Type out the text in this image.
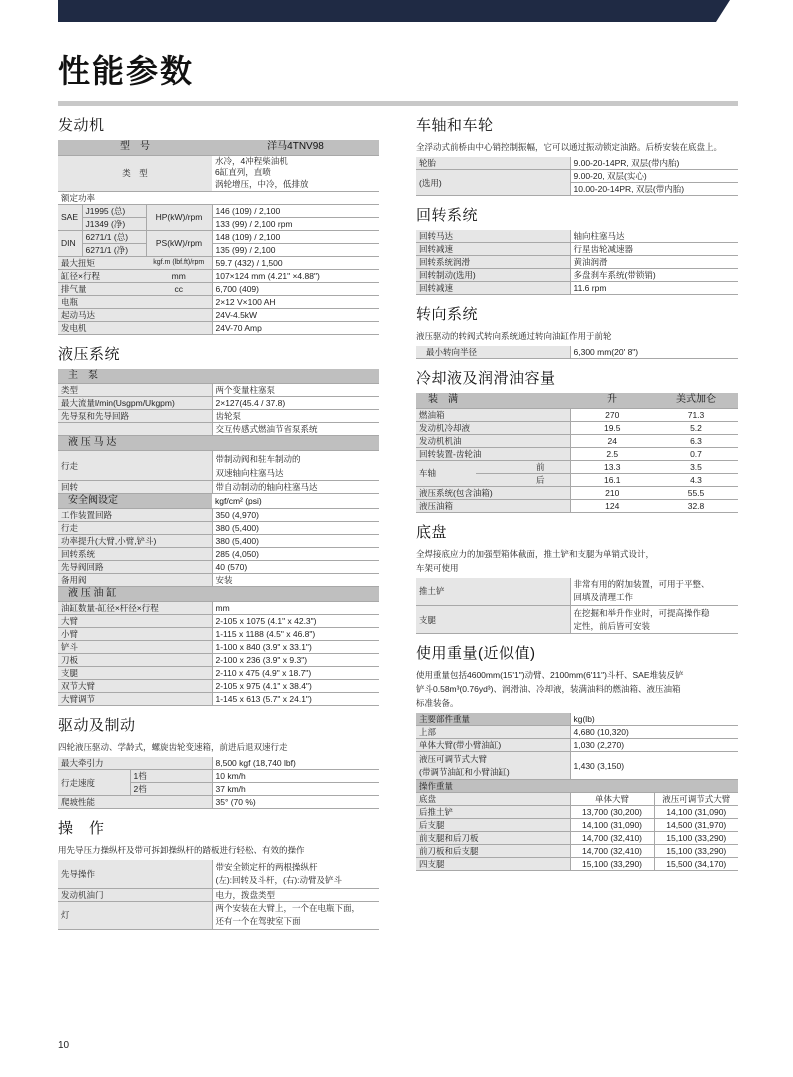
性能参数
发动机
型　号			洋马4TNV98
类　型			水冷，4冲程柴油机
6缸直列，直喷
涡轮增压，中冷，低排放

额定功率			
SAE	J1995 (总)	HP(kW)/rpm	146 (109) / 2,100
	J1349 (净)		133 (99) / 2,100 rpm
DIN	6271/1 (总)	PS(kW)/rpm	148 (109) / 2,100
	6271/1 (净)		135 (99) / 2,100
最大扭矩		kgf.m (lbf.ft)/rpm	59.7 (432) / 1,500
缸径×行程		mm	107×124 mm (4.21" ×4.88")
排气量		cc	6,700 (409)
电瓶			2×12 V×100 AH
起动马达			24V-4.5kW
发电机			24V-70 Amp
液压系统
主　泵	
类型	两个变量柱塞泵
最大流量l/min(Usgpm/Ukgpm)	2×127(45.4 / 37.8)
先导泵和先导回路	齿轮泵
	交互传感式燃油节省泵系统
液 压 马 达	
行走	带制动阀和驻车制动的
双速轴向柱塞马达

回转	带自动制动的轴向柱塞马达
安全阀设定	kgf/cm² (psi)
工作装置回路	350 (4,970)
行走	380 (5,400)
功率提升(大臂,小臂,铲斗)	380 (5,400)
回转系统	285 (4,050)
先导阀回路	40 (570)
备用阀	安装
液 压 油 缸	
油缸数量-缸径×杆径×行程	mm
大臂	2-105 x 1075 (4.1" x 42.3")
小臂	1-115 x 1188 (4.5" x 46.8")
铲斗	1-100 x 840 (3.9" x 33.1")
刀板	2-100 x 236 (3.9" x 9.3")
支腿	2-110 x 475 (4.9" x 18.7")
双节大臂	2-105 x 975 (4.1" x 38.4")
大臂调节	1-145 x 613 (5.7" x 24.1")
驱动及制动
四轮液压驱动、学龄式，螺旋齿轮变速箱，前进后退双速行走
最大牵引力		8,500 kgf (18,740 lbf)
行走速度	1档	10 km/h
	2档	37 km/h
爬坡性能		35° (70 %)
操　作
用先导压力操纵杆及带可拆卸操纵杆的踏板进行轻松、有效的操作
先导操作	带安全锁定杆的两根操纵杆
(左):回转及斗杆，(右):动臂及铲斗

发动机油门	电力，拨盘类型
灯	两个安装在大臂上，一个在电瓶下面，
还有一个在驾驶室下面
车轴和车轮
全浮动式前桥由中心销控制振幅，它可以通过振动锁定油路。后桥安装在底盘上。
轮胎	9.00-20-14PR, 双层(带内胎)
(选用)	9.00-20, 双层(实心)
	10.00-20-14PR, 双层(带内胎)
回转系统
回转马达	轴向柱塞马达
回转减速	行星齿轮减速器
回转系统润滑	黄油润滑
回转制动(选用)	多盘刹车系统(带锁销)
回转减速	11.6 rpm
转向系统
液压驱动的转阀式转向系统通过转向油缸作用于前轮
最小转向半径	6,300 mm(20' 8")
冷却液及润滑油容量
装　满		升	美式加仑
燃油箱		270	71.3
发动机冷却液		19.5	5.2
发动机机油		24	6.3
回转装置-齿轮油		2.5	0.7
车轴	前	13.3	3.5
	后	16.1	4.3
液压系统(包含油箱)		210	55.5
液压油箱		124	32.8
底盘
全焊接底应力的加强型箱体截面，推土铲和支腿为单销式设计，
车架可使用
推土铲	非常有用的附加装置，可用于平整、
回填及清理工作

支腿	在挖掘和举升作业时，可提高操作稳
定性，前后皆可安装
使用重量(近似值)
使用重量包括4600mm(15'1")动臂、2100mm(6'11")斗杆、SAE堆装反铲
铲斗0.58m³(0.76yd³)、润滑油、冷却液，装满油料的燃油箱、液压油箱
标准装备。
主要部件重量	kg(lb)	
上部	4,680 (10,320)	
单体大臂(带小臂油缸)	1,030 (2,270)	

液压可调节式大臂
(带调节油缸和小臂油缸)	1,430 (3,150)	
操作重量		
底盘	单体大臂	液压可调节式大臂
后推土铲	13,700 (30,200)	14,100 (31,090)
后支腿	14,100 (31,090)	14,500 (31,970)
前支腿和后刀板	14,700 (32,410)	15,100 (33,290)
前刀板和后支腿	14,700 (32,410)	15,100 (33,290)
四支腿	15,100 (33,290)	15,500 (34,170)
10
